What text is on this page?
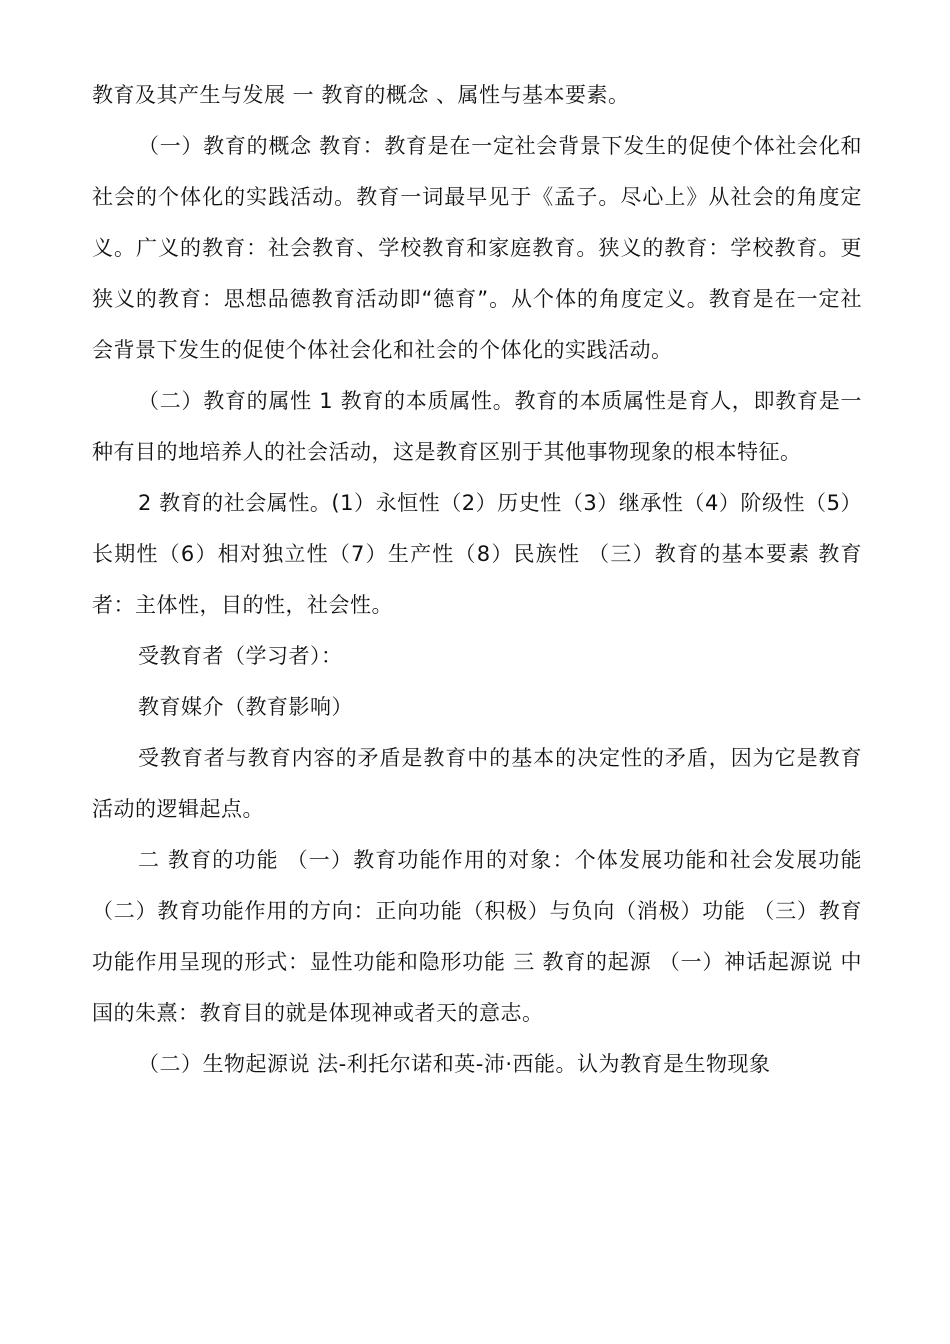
教育及其产生与发展 一 教育的概念 、属性与基本要素。

（一）教育的概念 教育：教育是在一定社会背景下发生的促使个体社会化和社会的个体化的实践活动。教育一词最早见于《孟子。尽心上》从社会的角度定义。广义的教育：社会教育、学校教育和家庭教育。狭义的教育：学校教育。更狭义的教育：思想品德教育活动即“德育”。从个体的角度定义。教育是在一定社会背景下发生的促使个体社会化和社会的个体化的实践活动。

（二）教育的属性 1 教育的本质属性。教育的本质属性是育人，即教育是一种有目的地培养人的社会活动，这是教育区别于其他事物现象的根本特征。

2 教育的社会属性。(1）永恒性（2）历史性（3）继承性（4）阶级性（5）长期性（6）相对独立性（7）生产性（8）民族性 （三）教育的基本要素 教育者：主体性，目的性，社会性。

受教育者（学习者）：

教育媒介（教育影响）

受教育者与教育内容的矛盾是教育中的基本的决定性的矛盾，因为它是教育活动的逻辑起点。

二 教育的功能 （一）教育功能作用的对象：个体发展功能和社会发展功能 （二）教育功能作用的方向：正向功能（积极）与负向（消极）功能 （三）教育功能作用呈现的形式：显性功能和隐形功能 三 教育的起源 （一）神话起源说 中国的朱熹：教育目的就是体现神或者天的意志。

（二）生物起源说 法-利托尔诺和英-沛·西能。认为教育是生物现象
